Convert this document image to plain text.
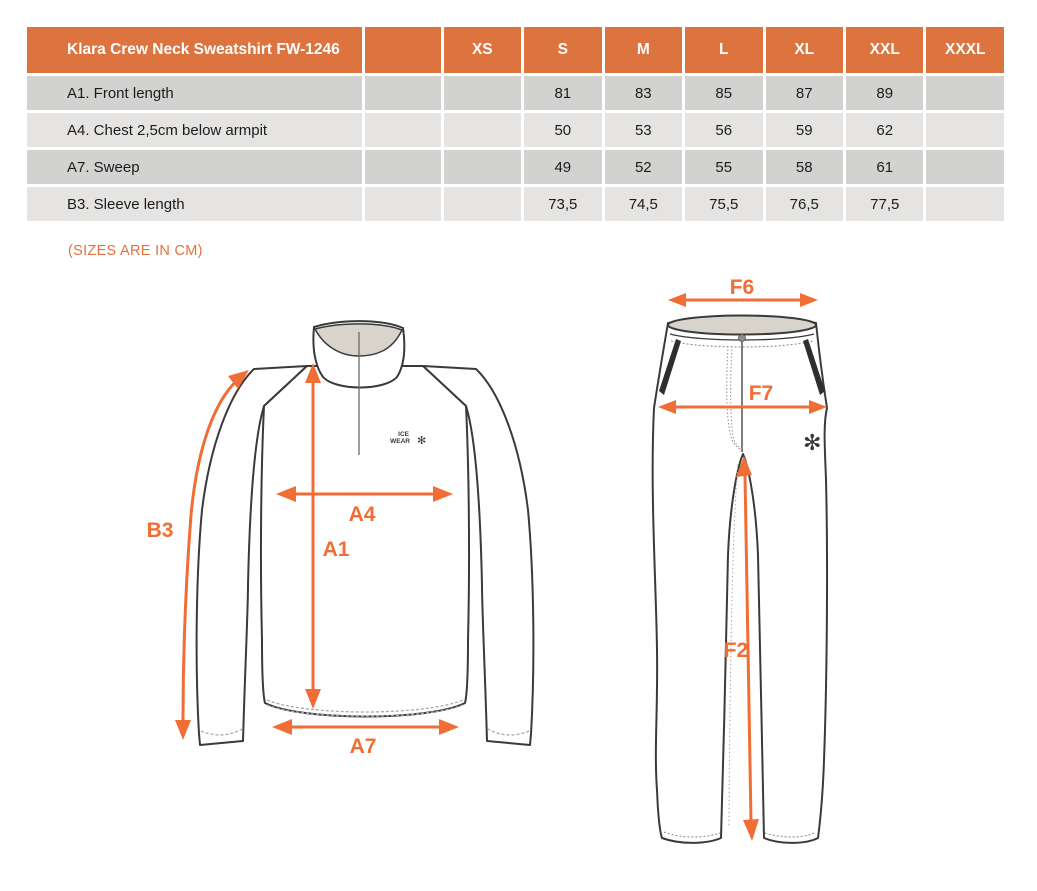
Klara Crew Neck Sweatshirt FW-1246		XS	S	M	L	XL	XXL	XXXL
A1. Front length			81	83	85	87	89	
A4. Chest 2,5cm below armpit			50	53	56	59	62	
A7. Sweep			49	52	55	58	61	
B3. Sleeve length			73,5	74,5	75,5	76,5	77,5	
(SIZES ARE IN CM)
ICE
WEAR ✻
B3
A1
A4
A7
✻
F6
F7
F2
